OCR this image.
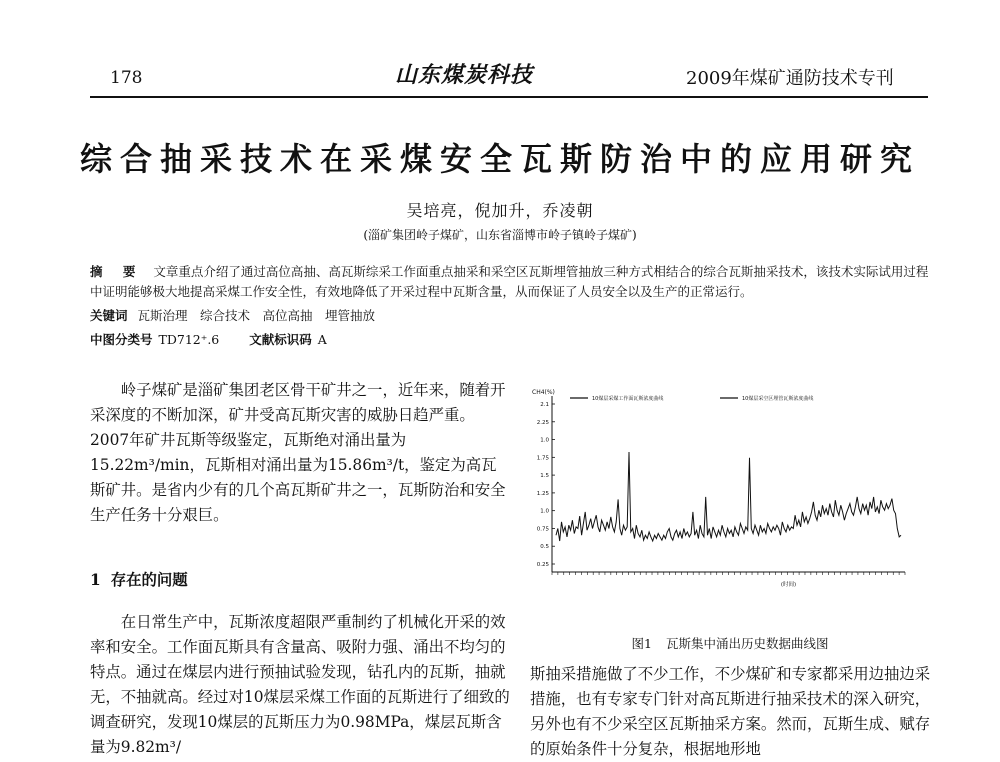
178	山东煤炭科技	2009年煤矿通防技术专刊
综合抽采技术在采煤安全瓦斯防治中的应用研究
吴培亮，倪加升，乔凌朝
(淄矿集团岭子煤矿，山东省淄博市岭子镇岭子煤矿)
摘 要 文章重点介绍了通过高位高抽、高瓦斯综采工作面重点抽采和采空区瓦斯埋管抽放三种方式相结合的综合瓦斯抽采技术，该技术实际试用过程中证明能够极大地提高采煤工作安全性，有效地降低了开采过程中瓦斯含量，从而保证了人员安全以及生产的正常运行。
关键词 瓦斯治理　综合技术　高位高抽　埋管抽放
中图分类号 TD712⁺.6 文献标识码 A

岭子煤矿是淄矿集团老区骨干矿井之一，近年来，随着开采深度的不断加深，矿井受高瓦斯灾害的威胁日趋严重。2007年矿井瓦斯等级鉴定，瓦斯绝对涌出量为15.22m³/min，瓦斯相对涌出量为15.86m³/t，鉴定为高瓦斯矿井。是省内少有的几个高瓦斯矿井之一，瓦斯防治和安全生产任务十分艰巨。

1 存在的问题

在日常生产中，瓦斯浓度超限严重制约了机械化开采的效率和安全。工作面瓦斯具有含量高、吸附力强、涌出不均匀的特点。通过在煤层内进行预抽试验发现，钻孔内的瓦斯，抽就无，不抽就高。经过对10煤层采煤工作面的瓦斯进行了细致的调查研究，发现10煤层的瓦斯压力为0.98MPa，煤层瓦斯含量为9.82m³/

CH4(%)
2.1
2.25
1.0
1.75
1.5
1.25
1.0
0.75
0.5
0.25
10煤层采煤工作面瓦斯浓度曲线	10煤层采空区埋管瓦斯浓度曲线
(时间)
图1 瓦斯集中涌出历史数据曲线图

斯抽采措施做了不少工作，不少煤矿和专家都采用边抽边采措施，也有专家专门针对高瓦斯进行抽采技术的深入研究，另外也有不少采空区瓦斯抽采方案。然而，瓦斯生成、赋存的原始条件十分复杂，根据地形地
